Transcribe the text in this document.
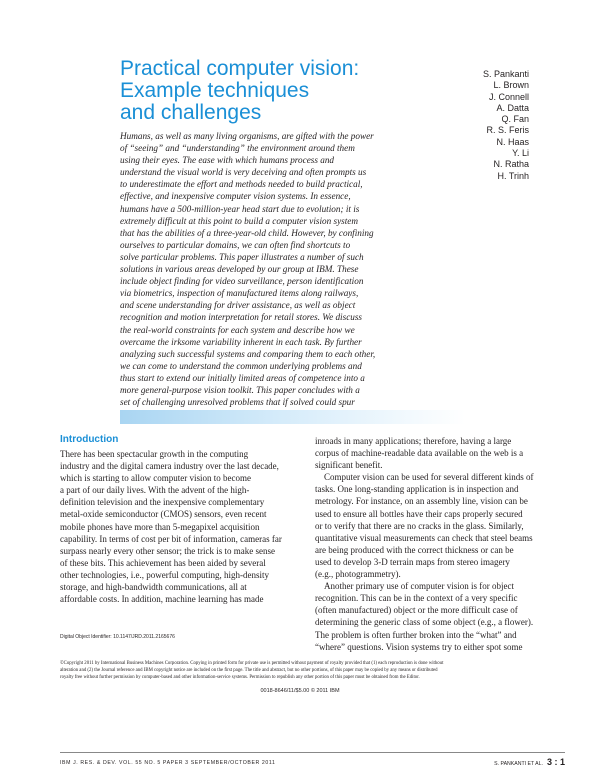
Practical computer vision:
Example techniques
and challenges
S. Pankanti
L. Brown
J. Connell
A. Datta
Q. Fan
R. S. Feris
N. Haas
Y. Li
N. Ratha
H. Trinh
Humans, as well as many living organisms, are gifted with the power
of “seeing” and “understanding” the environment around them
using their eyes. The ease with which humans process and
understand the visual world is very deceiving and often prompts us
to underestimate the effort and methods needed to build practical,
effective, and inexpensive computer vision systems. In essence,
humans have a 500-million-year head start due to evolution; it is
extremely difficult at this point to build a computer vision system
that has the abilities of a three-year-old child. However, by confining
ourselves to particular domains, we can often find shortcuts to
solve particular problems. This paper illustrates a number of such
solutions in various areas developed by our group at IBM. These
include object finding for video surveillance, person identification
via biometrics, inspection of manufactured items along railways,
and scene understanding for driver assistance, as well as object
recognition and motion interpretation for retail stores. We discuss
the real-world constraints for each system and describe how we
overcame the irksome variability inherent in each task. By further
analyzing such successful systems and comparing them to each other,
we can come to understand the common underlying problems and
thus start to extend our initially limited areas of competence into a
more general-purpose vision toolkit. This paper concludes with a
set of challenging unresolved problems that if solved could spur
Introduction
There has been spectacular growth in the computing
industry and the digital camera industry over the last decade,
which is starting to allow computer vision to become
a part of our daily lives. With the advent of the high-
definition television and the inexpensive complementary
metal-oxide semiconductor (CMOS) sensors, even recent
mobile phones have more than 5-megapixel acquisition
capability. In terms of cost per bit of information, cameras far
surpass nearly every other sensor; the trick is to make sense
of these bits. This achievement has been aided by several
other technologies, i.e., powerful computing, high-density
storage, and high-bandwidth communications, all at
affordable costs. In addition, machine learning has made
inroads in many applications; therefore, having a large
corpus of machine-readable data available on the web is a
significant benefit.
 Computer vision can be used for several different kinds of
tasks. One long-standing application is in inspection and
metrology. For instance, on an assembly line, vision can be
used to ensure all bottles have their caps properly secured
or to verify that there are no cracks in the glass. Similarly,
quantitative visual measurements can check that steel beams
are being produced with the correct thickness or can be
used to develop 3-D terrain maps from stereo imagery
(e.g., photogrammetry).
 Another primary use of computer vision is for object
recognition. This can be in the context of a very specific
(often manufactured) object or the more difficult case of
determining the generic class of some object (e.g., a flower).
The problem is often further broken into the “what” and
“where” questions. Vision systems try to either spot some
Digital Object Identifier: 10.1147/JRD.2011.2165676
©Copyright 2011 by International Business Machines Corporation. Copying in printed form for private use is permitted without payment of royalty provided that (1) each reproduction is done without
alteration and (2) the Journal reference and IBM copyright notice are included on the first page. The title and abstract, but no other portions, of this paper may be copied by any means or distributed
royalty free without further permission by computer-based and other information-service systems. Permission to republish any other portion of this paper must be obtained from the Editor.
0018-8646/11/$5.00 © 2011 IBM
IBM J. RES. & DEV. VOL. 55 NO. 5 PAPER 3 SEPTEMBER/OCTOBER 2011	S. PANKANTI ET AL. 3 : 1
